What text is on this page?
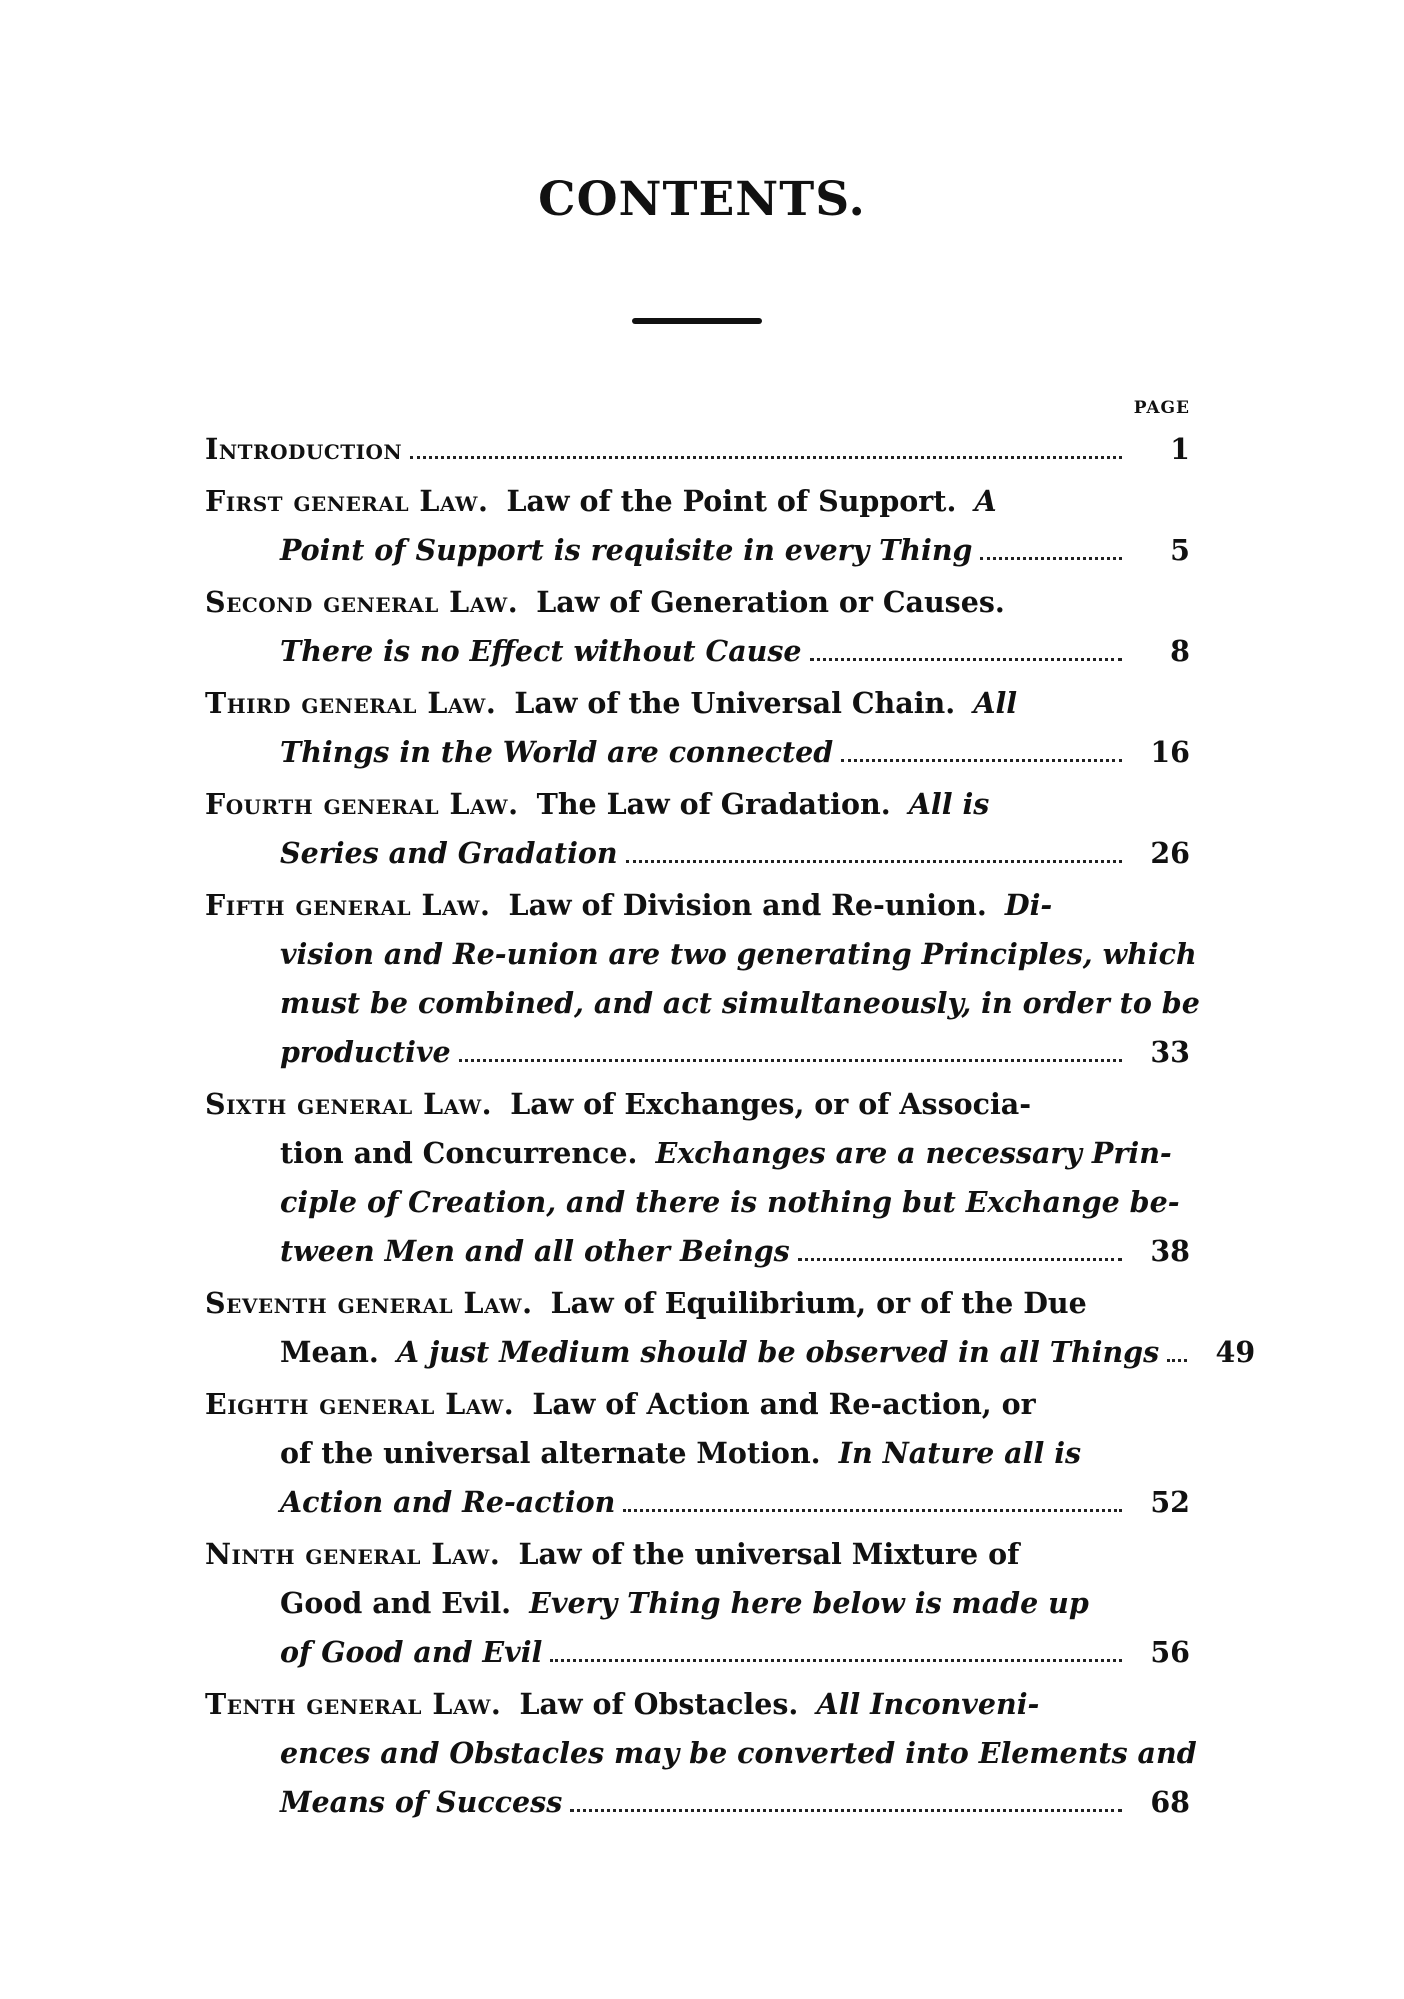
CONTENTS.
PAGE
Introduction	1
First general Law. Law of the Point of Support. A
Point of Support is requisite in every Thing	5
Second general Law. Law of Generation or Causes.
There is no Effect without Cause	8
Third general Law. Law of the Universal Chain. All
Things in the World are connected	16
Fourth general Law. The Law of Gradation. All is
Series and Gradation	26
Fifth general Law. Law of Division and Re-union. Di-
vision and Re-union are two generating Principles, which
must be combined, and act simultaneously, in order to be
productive	33
Sixth general Law. Law of Exchanges, or of Associa-
tion and Concurrence.
Exchanges are a necessary Prin-
ciple of Creation, and there is nothing but Exchange be-
tween Men and all other Beings	38
Seventh general Law. Law of Equilibrium, or of the Due
Mean. A just Medium should be observed in all Things	49
Eighth general Law. Law of Action and Re-action, or
of the universal alternate Motion.
In Nature all is
Action and Re-action	52
Ninth general Law. Law of the universal Mixture of
Good and Evil.
Every Thing here below is made up
of Good and Evil	56
Tenth general Law. Law of Obstacles. All Inconveni-
ences and Obstacles may be converted into Elements and
Means of Success	68
